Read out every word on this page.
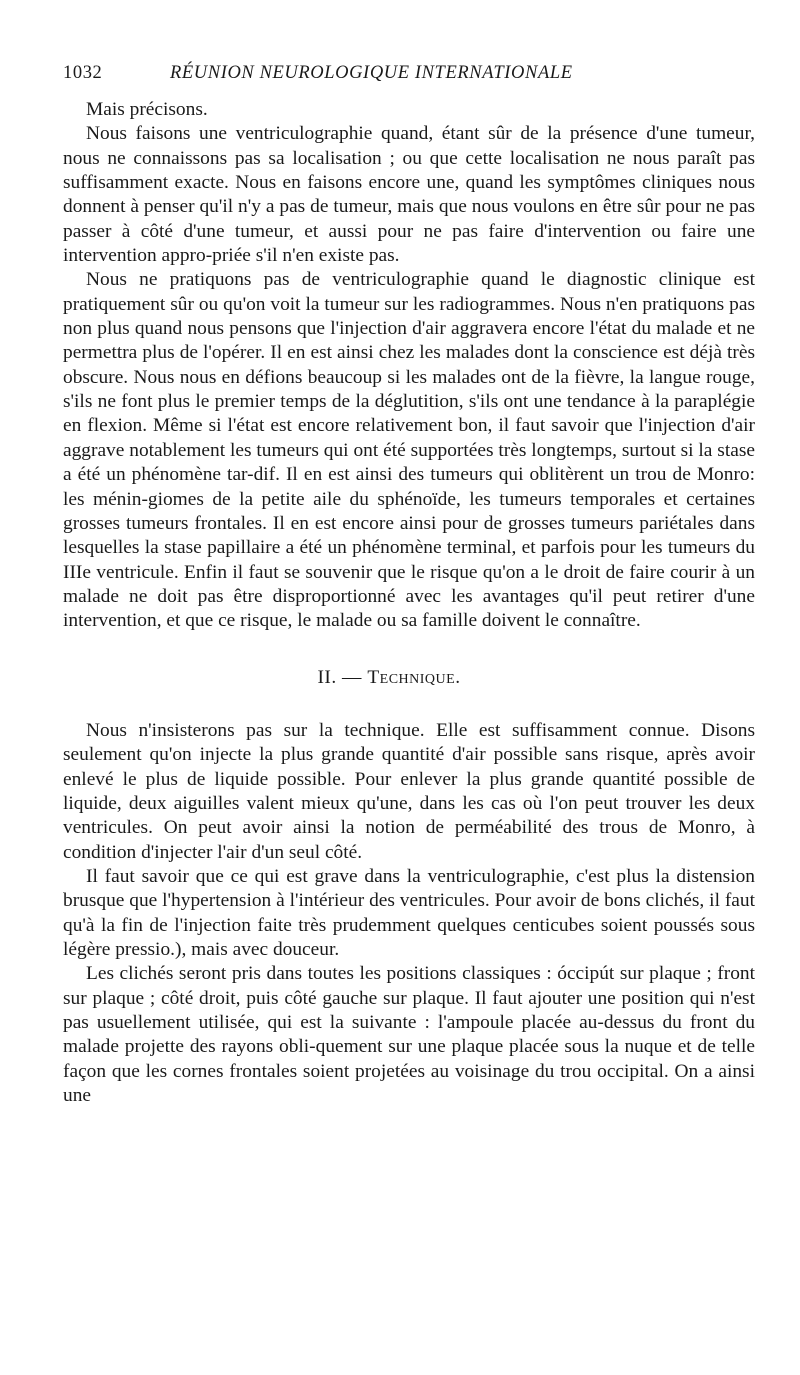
1032	RÉUNION NEUROLOGIQUE INTERNATIONALE

Mais précisons.

Nous faisons une ventriculographie quand, étant sûr de la présence d'une tumeur, nous ne connaissons pas sa localisation ; ou que cette localisation ne nous paraît pas suffisamment exacte. Nous en faisons encore une, quand les symptômes cliniques nous donnent à penser qu'il n'y a pas de tumeur, mais que nous voulons en être sûr pour ne pas passer à côté d'une tumeur, et aussi pour ne pas faire d'intervention ou faire une intervention appro-priée s'il n'en existe pas.

Nous ne pratiquons pas de ventriculographie quand le diagnostic clinique est pratiquement sûr ou qu'on voit la tumeur sur les radiogrammes. Nous n'en pratiquons pas non plus quand nous pensons que l'injection d'air aggravera encore l'état du malade et ne permettra plus de l'opérer. Il en est ainsi chez les malades dont la conscience est déjà très obscure. Nous nous en défions beaucoup si les malades ont de la fièvre, la langue rouge, s'ils ne font plus le premier temps de la déglutition, s'ils ont une tendance à la paraplégie en flexion. Même si l'état est encore relativement bon, il faut savoir que l'injection d'air aggrave notablement les tumeurs qui ont été supportées très longtemps, surtout si la stase a été un phénomène tar-dif. Il en est ainsi des tumeurs qui oblitèrent un trou de Monro: les ménin-giomes de la petite aile du sphénoïde, les tumeurs temporales et certaines grosses tumeurs frontales. Il en est encore ainsi pour de grosses tumeurs pariétales dans lesquelles la stase papillaire a été un phénomène terminal, et parfois pour les tumeurs du IIIe ventricule. Enfin il faut se souvenir que le risque qu'on a le droit de faire courir à un malade ne doit pas être disproportionné avec les avantages qu'il peut retirer d'une intervention, et que ce risque, le malade ou sa famille doivent le connaître.

II. — Technique.

Nous n'insisterons pas sur la technique. Elle est suffisamment connue. Disons seulement qu'on injecte la plus grande quantité d'air possible sans risque, après avoir enlevé le plus de liquide possible. Pour enlever la plus grande quantité possible de liquide, deux aiguilles valent mieux qu'une, dans les cas où l'on peut trouver les deux ventricules. On peut avoir ainsi la notion de perméabilité des trous de Monro, à condition d'injecter l'air d'un seul côté.

Il faut savoir que ce qui est grave dans la ventriculographie, c'est plus la distension brusque que l'hypertension à l'intérieur des ventricules. Pour avoir de bons clichés, il faut qu'à la fin de l'injection faite très prudemment quelques centicubes soient poussés sous légère pressio.), mais avec douceur.

Les clichés seront pris dans toutes les positions classiques : óccipút sur plaque ; front sur plaque ; côté droit, puis côté gauche sur plaque. Il faut ajouter une position qui n'est pas usuellement utilisée, qui est la suivante : l'ampoule placée au-dessus du front du malade projette des rayons obli-quement sur une plaque placée sous la nuque et de telle façon que les cornes frontales soient projetées au voisinage du trou occipital. On a ainsi une
